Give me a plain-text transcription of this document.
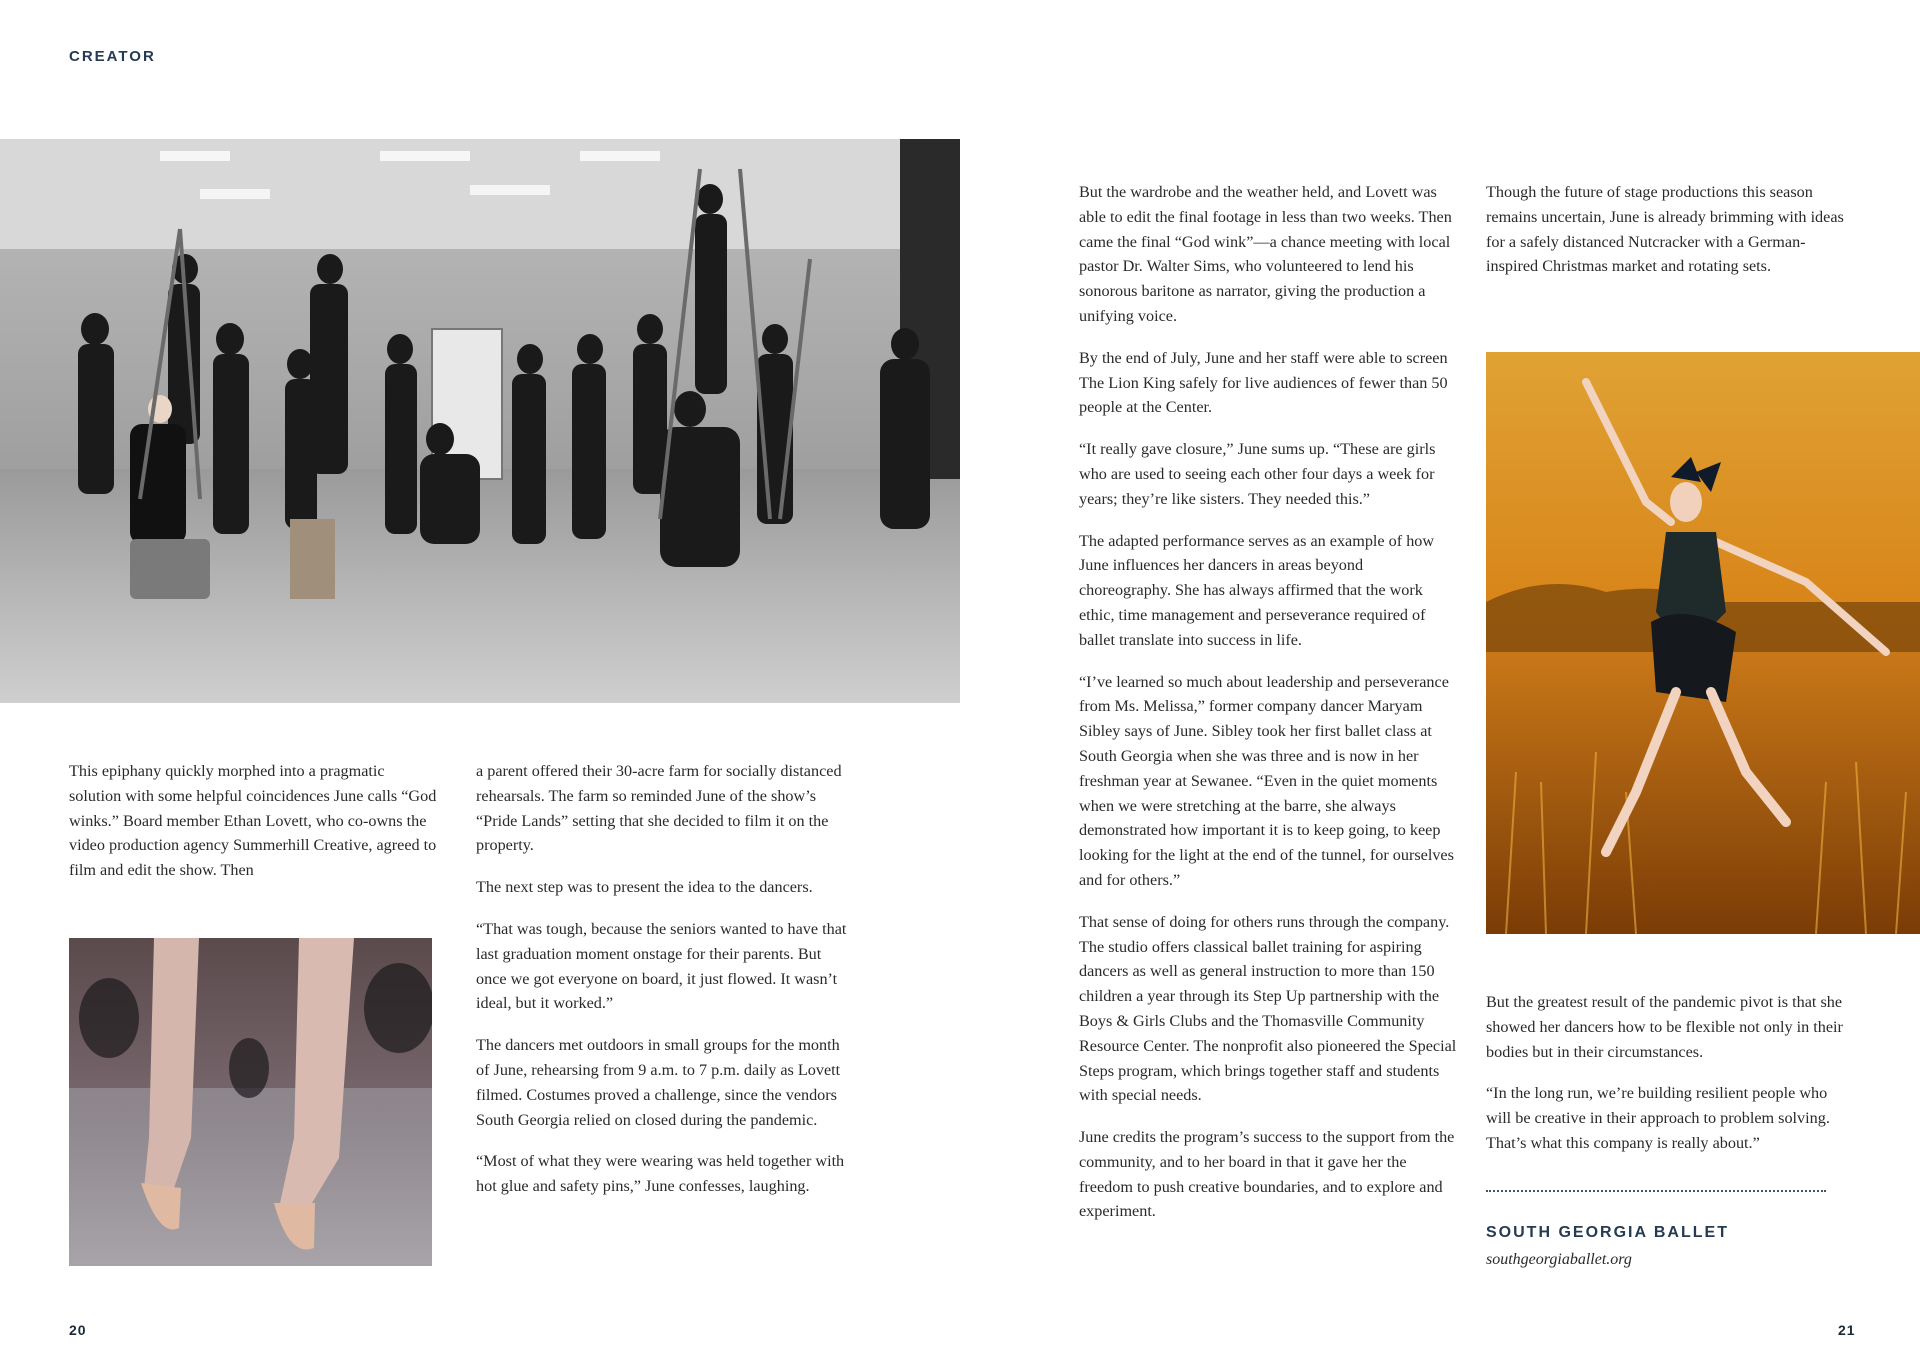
CREATOR

This epiphany quickly morphed into a pragmatic solution with some helpful coincidences June calls “God winks.” Board member Ethan Lovett, who co-owns the video production agency Summerhill Creative, agreed to film and edit the show. Then

a parent offered their 30-acre farm for socially distanced rehearsals. The farm so reminded June of the show’s “Pride Lands” setting that she decided to film it on the property.

The next step was to present the idea to the dancers.

“That was tough, because the seniors wanted to have that last graduation moment onstage for their parents. But once we got everyone on board, it just flowed. It wasn’t ideal, but it worked.”

The dancers met outdoors in small groups for the month of June, rehearsing from 9 a.m. to 7 p.m. daily as Lovett filmed. Costumes proved a challenge, since the vendors South Georgia relied on closed during the pandemic.

“Most of what they were wearing was held together with hot glue and safety pins,” June confesses, laughing.

But the wardrobe and the weather held, and Lovett was able to edit the final footage in less than two weeks. Then came the final “God wink”—a chance meeting with local pastor Dr. Walter Sims, who volunteered to lend his sonorous baritone as narrator, giving the production a unifying voice.

By the end of July, June and her staff were able to screen The Lion King safely for live audiences of fewer than 50 people at the Center.

“It really gave closure,” June sums up. “These are girls who are used to seeing each other four days a week for years; they’re like sisters. They needed this.”

The adapted performance serves as an example of how June influences her dancers in areas beyond choreography. She has always affirmed that the work ethic, time management and perseverance required of ballet translate into success in life.

“I’ve learned so much about leadership and perseverance from Ms. Melissa,” former company dancer Maryam Sibley says of June. Sibley took her first ballet class at South Georgia when she was three and is now in her freshman year at Sewanee. “Even in the quiet moments when we were stretching at the barre, she always demonstrated how important it is to keep going, to keep looking for the light at the end of the tunnel, for ourselves and for others.”

That sense of doing for others runs through the company. The studio offers classical ballet training for aspiring dancers as well as general instruction to more than 150 children a year through its Step Up partnership with the Boys & Girls Clubs and the Thomasville Community Resource Center. The nonprofit also pioneered the Special Steps program, which brings together staff and students with special needs.

June credits the program’s success to the support from the community, and to her board in that it gave her the freedom to push creative boundaries, and to explore and experiment.

Though the future of stage productions this season remains uncertain, June is already brimming with ideas for a safely distanced Nutcracker with a German-inspired Christmas market and rotating sets.

But the greatest result of the pandemic pivot is that she showed her dancers how to be flexible not only in their bodies but in their circumstances.

“In the long run, we’re building resilient people who will be creative in their approach to problem solving. That’s what this company is really about.”

SOUTH GEORGIA BALLET
southgeorgiaballet.org
20	21
